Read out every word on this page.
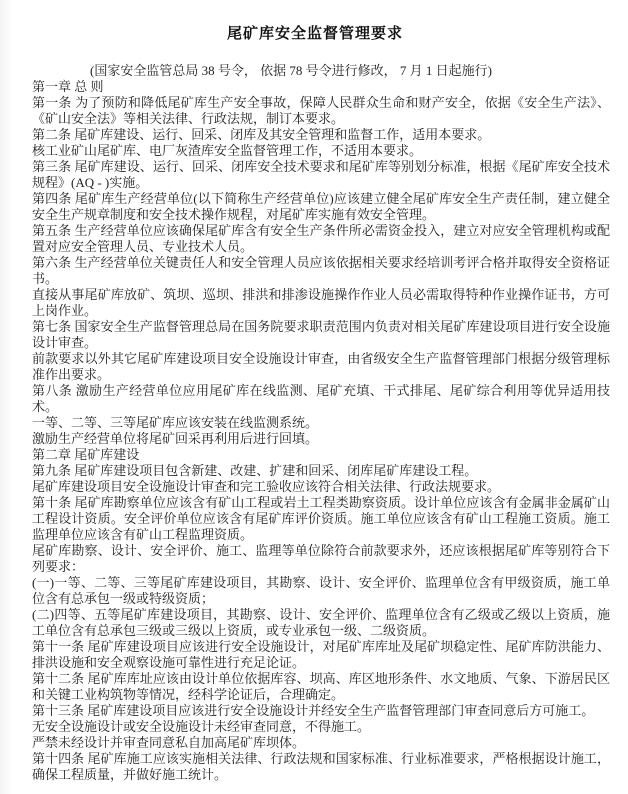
尾矿库安全监督管理要求

(国家安全监管总局 38 号令， 依据 78 号令进行修改， 7 月 1 日起施行)

第一章 总 则

第一条 为了预防和降低尾矿库生产安全事故，保障人民群众生命和财产安全，依据《安全生产法》、《矿山安全法》等相关法律、行政法规，制订本要求。

第二条 尾矿库建设、运行、回采、闭库及其安全管理和监督工作，适用本要求。

核工业矿山尾矿库、电厂灰渣库安全监督管理工作，不适用本要求。

第三条 尾矿库建设、运行、回采、闭库安全技术要求和尾矿库等别划分标准，根据《尾矿库安全技术规程》(AQ - )实施。

第四条 尾矿库生产经营单位(以下简称生产经营单位)应该建立健全尾矿库安全生产责任制，建立健全安全生产规章制度和安全技术操作规程，对尾矿库实施有效安全管理。

第五条 生产经营单位应该确保尾矿库含有安全生产条件所必需资金投入，建立对应安全管理机构或配置对应安全管理人员、专业技术人员。

第六条 生产经营单位关键责任人和安全管理人员应该依据相关要求经培训考评合格并取得安全资格证书。

直接从事尾矿库放矿、筑坝、巡坝、排洪和排渗设施操作作业人员必需取得特种作业操作证书，方可上岗作业。

第七条 国家安全生产监督管理总局在国务院要求职责范围内负责对相关尾矿库建设项目进行安全设施设计审查。

前款要求以外其它尾矿库建设项目安全设施设计审查，由省级安全生产监督管理部门根据分级管理标准作出要求。

第八条 激励生产经营单位应用尾矿库在线监测、尾矿充填、干式排尾、尾矿综合利用等优异适用技术。

一等、二等、三等尾矿库应该安装在线监测系统。

激励生产经营单位将尾矿回采再利用后进行回填。

第二章 尾矿库建设

第九条 尾矿库建设项目包含新建、改建、扩建和回采、闭库尾矿库建设工程。

尾矿库建设项目安全设施设计审查和完工验收应该符合相关法律、行政法规要求。

第十条 尾矿库勘察单位应该含有矿山工程或岩土工程类勘察资质。设计单位应该含有金属非金属矿山工程设计资质。安全评价单位应该含有尾矿库评价资质。施工单位应该含有矿山工程施工资质。施工监理单位应该含有矿山工程监理资质。

尾矿库勘察、设计、安全评价、施工、监理等单位除符合前款要求外，还应该根据尾矿库等别符合下列要求：

(一)一等、二等、三等尾矿库建设项目，其勘察、设计、安全评价、监理单位含有甲级资质，施工单位含有总承包一级或特级资质；

(二)四等、五等尾矿库建设项目，其勘察、设计、安全评价、监理单位含有乙级或乙级以上资质，施工单位含有总承包三级或三级以上资质，或专业承包一级、二级资质。

第十一条 尾矿库建设项目应该进行安全设施设计，对尾矿库库址及尾矿坝稳定性、尾矿库防洪能力、排洪设施和安全观察设施可靠性进行充足论证。

第十二条 尾矿库库址应该由设计单位依据库容、坝高、库区地形条件、水文地质、气象、下游居民区和关键工业构筑物等情况，经科学论证后，合理确定。

第十三条 尾矿库建设项目应该进行安全设施设计并经安全生产监督管理部门审查同意后方可施工。

无安全设施设计或安全设施设计未经审查同意，不得施工。

严禁未经设计并审查同意私自加高尾矿库坝体。

第十四条 尾矿库施工应该实施相关法律、行政法规和国家标准、行业标准要求，严格根据设计施工，确保工程质量，并做好施工统计。
